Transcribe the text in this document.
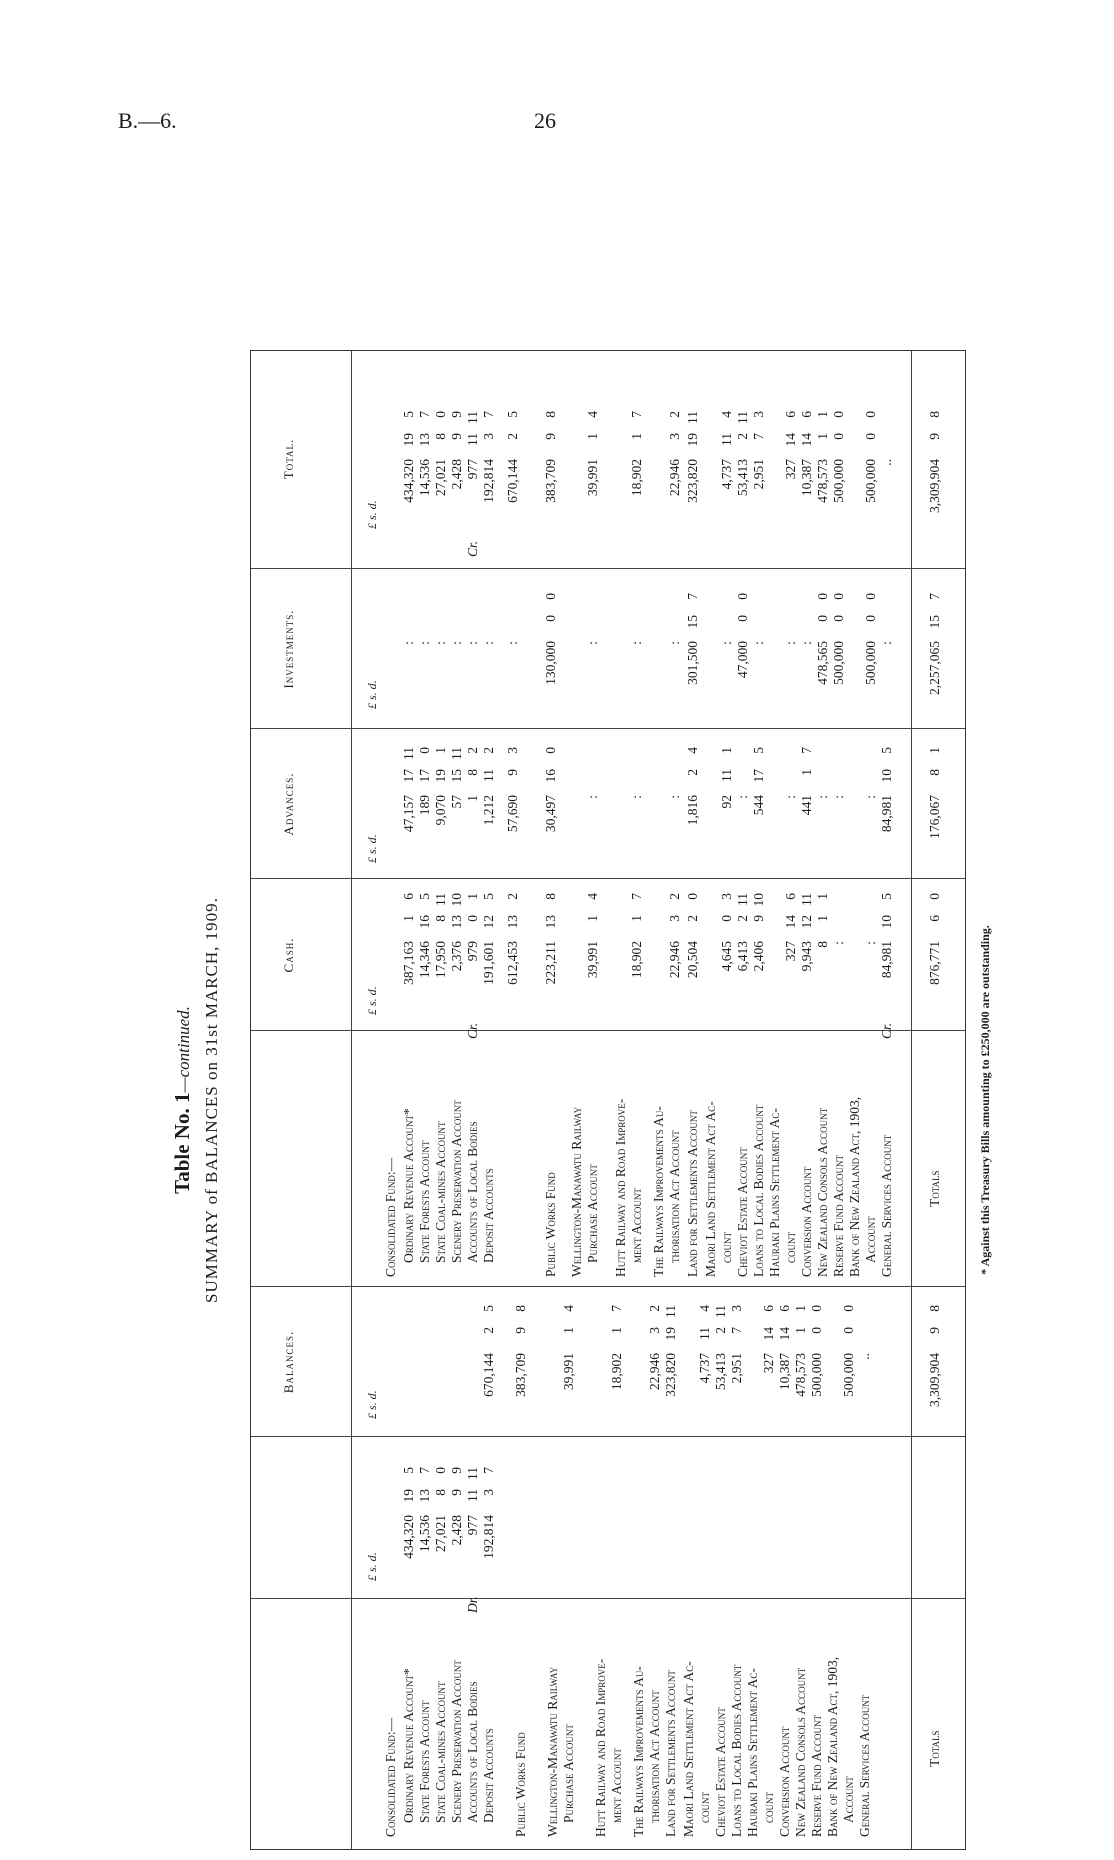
B.—6.	26
Table No. 1—continued. SUMMARY of BALANCES on 31st MARCH, 1909.
Balances.
Cash.
Advances.
Investments.
Total.
£ s. d.
£ s. d.
£ s. d.
£ s. d.
£ s. d.
£ s. d.
Consolidated Fund:— Ordinary Revenue Account*
434,320195
State Forests Account
14,536137
State Coal-mines Account
27,02180
Scenery Preservation Account
2,42899
Accounts of Local Bodies
Dr.
9771111
Deposit Accounts
192,81437
670,14425
Public Works Fund
383,70998
Wellington-Manawatu Railway Purchase Account
39,99114
Hutt Railway and Road Improve- ment Account
18,90217
The Railways Improvements Au- thorisation Act Account
22,94632
Land for Settlements Account
323,8201911
Maori Land Settlement Act Ac- count
4,737114
Cheviot Estate Account
53,413211
Loans to Local Bodies Account
2,95173
Hauraki Plains Settlement Ac- count
327146
Conversion Account
10,387146
New Zealand Consols Account
478,57311
Reserve Fund Account
500,00000
Bank of New Zealand Act, 1903, Account
500,00000
General Services Account
..
Totals
3,309,90498
Consolidated Fund:— Ordinary Revenue Account*
387,16316
47,1571711
:
434,320195
State Forests Account
14,346165
189170
:
14,536137
State Coal-mines Account
17,950811
9,070191
:
27,02180
Scenery Preservation Account
2,3761310
571511
:
2,42899
Accounts of Local Bodies
Cr.
97901
182
:
Cr.
9771111
Deposit Accounts
191,601125
1,212112
:
192,81437
612,453132
57,69093
:
670,14425
Public Works Fund
223,211138
30,497160
130,00000
383,70998
Wellington-Manawatu Railway Purchase Account
39,99114
:
:
39,99114
Hutt Railway and Road Improve- ment Account
18,90217
:
:
18,90217
The Railways Improvements Au- thorisation Act Account
22,94632
:
:
22,94632
Land for Settlements Account
20,50420
1,81624
301,500157
323,8201911
Maori Land Settlement Act Ac- count
4,64503
92111
:
4,737114
Cheviot Estate Account
6,413211
:
47,00000
53,413211
Loans to Local Bodies Account
2,406910
544175
:
2,95173
Hauraki Plains Settlement Ac- count
327146
:
:
327146
Conversion Account
9,9431211
44117
:
10,387146
New Zealand Consols Account
811
:
478,56500
478,57311
Reserve Fund Account
:
:
500,00000
500,00000
Bank of New Zealand Act, 1903, Account
:
:
500,00000
500,00000
General Services Account
Cr.
84,981105
84,981105
:
..
Totals
876,77160
176,06781
2,257,065157
3,309,90498
* Against this Treasury Bills amounting to £250,000 are outstanding.
